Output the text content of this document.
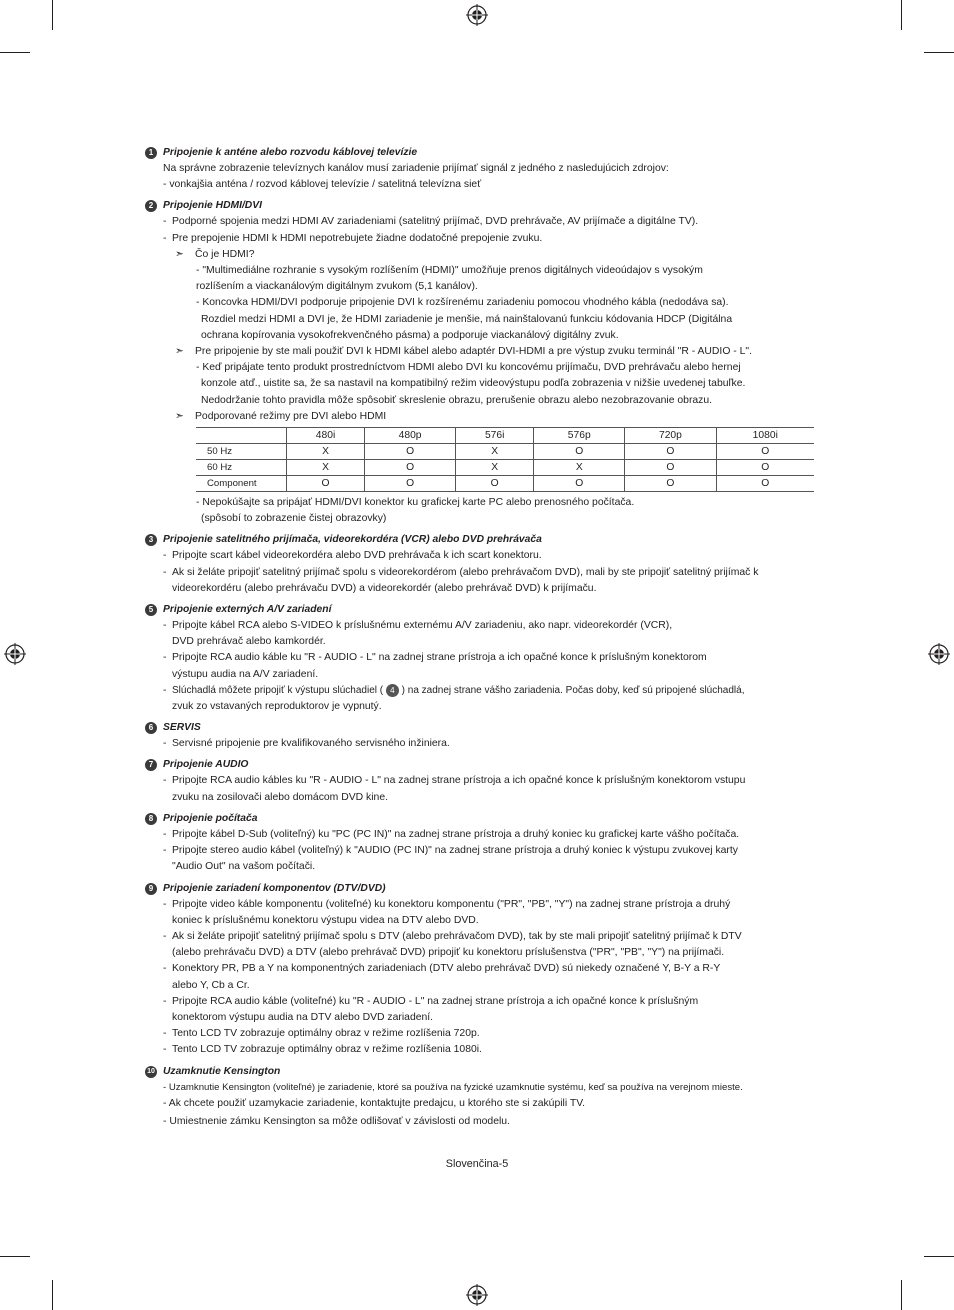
1 Pripojenie k anténe alebo rozvodu káblovej televízie
Na správne zobrazenie televíznych kanálov musí zariadenie prijímať signál z jedného z nasledujúcich zdrojov:
- vonkajšia anténa / rozvod káblovej televízie / satelitná televízna sieť
2 Pripojenie HDMI/DVI
- Podporné spojenia medzi HDMI AV zariadeniami (satelitný prijímač, DVD prehrávače, AV prijímače a digitálne TV).
- Pre prepojenie HDMI k HDMI nepotrebujete žiadne dodatočné prepojenie zvuku.
➣ Čo je HDMI?
- "Multimediálne rozhranie s vysokým rozlíšením (HDMI)" umožňuje prenos digitálnych videoúdajov s vysokým
rozlíšením a viackanálovým digitálnym zvukom (5,1 kanálov).
- Koncovka HDMI/DVI podporuje pripojenie DVI k rozšírenému zariadeniu pomocou vhodného kábla (nedodáva sa).
Rozdiel medzi HDMI a DVI je, že HDMI zariadenie je menšie, má nainštalovanú funkciu kódovania HDCP (Digitálna
ochrana kopírovania vysokofrekvenčného pásma) a podporuje viackanálový digitálny zvuk.
➣ Pre pripojenie by ste mali použiť DVI k HDMI kábel alebo adaptér DVI-HDMI a pre výstup zvuku terminál "R - AUDIO - L".
- Keď pripájate tento produkt prostredníctvom HDMI alebo DVI ku koncovému prijímaču, DVD prehrávaču alebo hernej
konzole atď., uistite sa, že sa nastavil na kompatibilný režim videovýstupu podľa zobrazenia v nižšie uvedenej tabuľke.
Nedodržanie tohto pravidla môže spôsobiť skreslenie obrazu, prerušenie obrazu alebo nezobrazovanie obrazu.
➣ Podporované režimy pre DVI alebo HDMI
	480i	480p	576i	576p	720p	1080i
50 Hz	X	O	X	O	O	O
60 Hz	X	O	X	X	O	O
Component	O	O	O	O	O	O
- Nepokúšajte sa pripájať HDMI/DVI konektor ku grafickej karte PC alebo prenosného počítača.
(spôsobí to zobrazenie čistej obrazovky)
3 Pripojenie satelitného prijímača, videorekordéra (VCR) alebo DVD prehrávača
- Pripojte scart kábel videorekordéra alebo DVD prehrávača k ich scart konektoru.
- Ak si želáte pripojiť satelitný prijímač spolu s videorekordérom (alebo prehrávačom DVD), mali by ste pripojiť satelitný prijímač k
videorekordéru (alebo prehrávaču DVD) a videorekordér (alebo prehrávač DVD) k prijímaču.
5 Pripojenie externých A/V zariadení
- Pripojte kábel RCA alebo S-VIDEO k príslušnému externému A/V zariadeniu, ako napr. videorekordér (VCR),
DVD prehrávač alebo kamkordér.
- Pripojte RCA audio káble ku "R - AUDIO - L" na zadnej strane prístroja a ich opačné konce k príslušným konektorom
výstupu audia na A/V zariadení.
- Slúchadlá môžete pripojiť k výstupu slúchadiel ( 4 ) na zadnej strane vášho zariadenia. Počas doby, keď sú pripojené slúchadlá,
zvuk zo vstavaných reproduktorov je vypnutý.
6 SERVIS
- Servisné pripojenie pre kvalifikovaného servisného inžiniera.
7 Pripojenie AUDIO
- Pripojte RCA audio kábles ku "R - AUDIO - L" na zadnej strane prístroja a ich opačné konce k príslušným konektorom vstupu
zvuku na zosilovači alebo domácom DVD kine.
8 Pripojenie počítača
- Pripojte kábel D-Sub (voliteľný) ku "PC (PC IN)" na zadnej strane prístroja a druhý koniec ku grafickej karte vášho počítača.
- Pripojte stereo audio kábel (voliteľný) k "AUDIO (PC IN)" na zadnej strane prístroja a druhý koniec k výstupu zvukovej karty
"Audio Out" na vašom počítači.
9 Pripojenie zariadení komponentov (DTV/DVD)
- Pripojte video káble komponentu (voliteľné) ku konektoru komponentu ("PR", "PB", "Y") na zadnej strane prístroja a druhý
koniec k príslušnému konektoru výstupu videa na DTV alebo DVD.
- Ak si želáte pripojiť satelitný prijímač spolu s DTV (alebo prehrávačom DVD), tak by ste mali pripojiť satelitný prijímač k DTV
(alebo prehrávaču DVD) a DTV (alebo prehrávač DVD) pripojiť ku konektoru príslušenstva ("PR", "PB", "Y") na prijímači.
- Konektory PR, PB a Y na komponentných zariadeniach (DTV alebo prehrávač DVD) sú niekedy označené Y, B-Y a R-Y
alebo Y, Cb a Cr.
- Pripojte RCA audio káble (voliteľné) ku "R - AUDIO - L" na zadnej strane prístroja a ich opačné konce k príslušným
konektorom výstupu audia na DTV alebo DVD zariadení.
- Tento LCD TV zobrazuje optimálny obraz v režime rozlíšenia 720p.
- Tento LCD TV zobrazuje optimálny obraz v režime rozlíšenia 1080i.
10 Uzamknutie Kensington
- Uzamknutie Kensington (voliteľné) je zariadenie, ktoré sa používa na fyzické uzamknutie systému, keď sa používa na verejnom mieste.
- Ak chcete použiť uzamykacie zariadenie, kontaktujte predajcu, u ktorého ste si zakúpili TV.
- Umiestnenie zámku Kensington sa môže odlišovať v závislosti od modelu.
Slovenčina-5
